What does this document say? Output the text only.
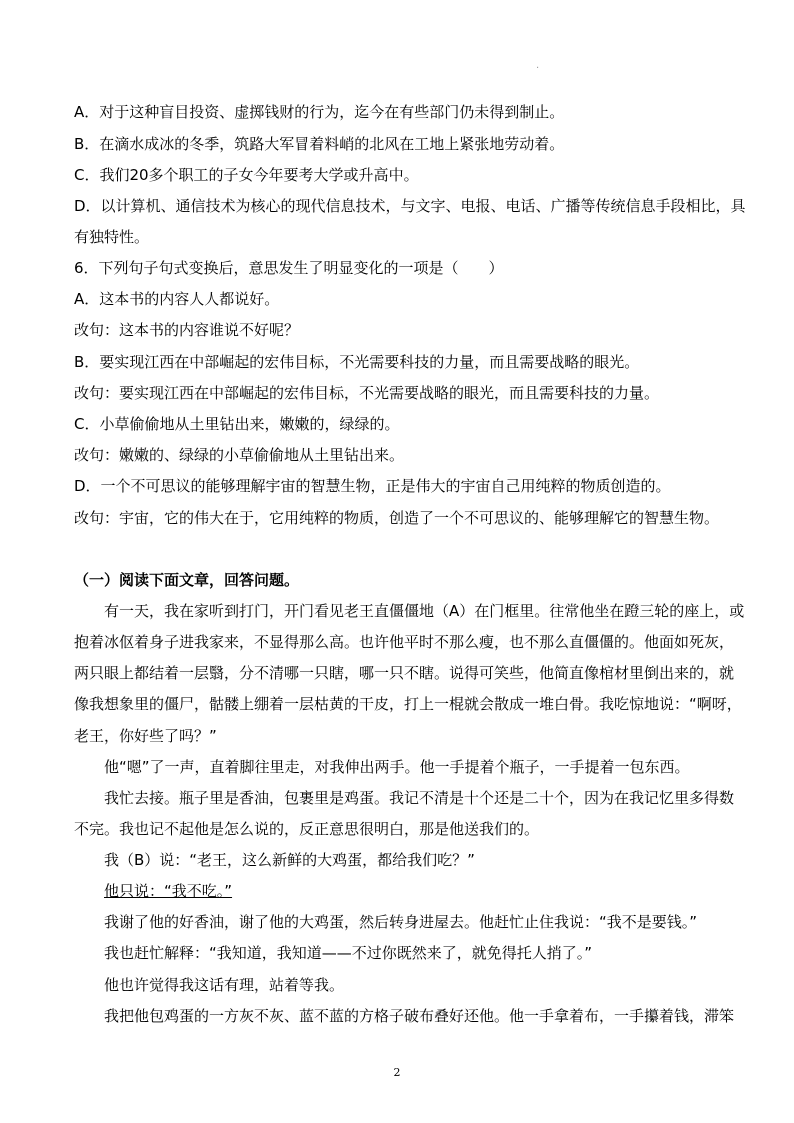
.
A．对于这种盲目投资、虚掷钱财的行为，迄今在有些部门仍未得到制止。
B．在滴水成冰的冬季，筑路大军冒着料峭的北风在工地上紧张地劳动着。
C．我们20多个职工的子女今年要考大学或升高中。
D．以计算机、通信技术为核心的现代信息技术，与文字、电报、电话、广播等传统信息手段相比，具
有独特性。
6．下列句子句式变换后，意思发生了明显变化的一项是（　　）
A．这本书的内容人人都说好。
改句：这本书的内容谁说不好呢？
B．要实现江西在中部崛起的宏伟目标，不光需要科技的力量，而且需要战略的眼光。
改句：要实现江西在中部崛起的宏伟目标，不光需要战略的眼光，而且需要科技的力量。
C．小草偷偷地从土里钻出来，嫩嫩的，绿绿的。
改句：嫩嫩的、绿绿的小草偷偷地从土里钻出来。
D．一个不可思议的能够理解宇宙的智慧生物，正是伟大的宇宙自己用纯粹的物质创造的。
改句：宇宙，它的伟大在于，它用纯粹的物质，创造了一个不可思议的、能够理解它的智慧生物。
（一）阅读下面文章，回答问题。
有一天，我在家听到打门，开门看见老王直僵僵地（A）在门框里。往常他坐在蹬三轮的座上，或
抱着冰伛着身子进我家来，不显得那么高。也许他平时不那么瘦，也不那么直僵僵的。他面如死灰，
两只眼上都结着一层翳，分不清哪一只瞎，哪一只不瞎。说得可笑些，他简直像棺材里倒出来的，就
像我想象里的僵尸，骷髅上绷着一层枯黄的干皮，打上一棍就会散成一堆白骨。我吃惊地说：“啊呀，
老王，你好些了吗？”
他“嗯”了一声，直着脚往里走，对我伸出两手。他一手提着个瓶子，一手提着一包东西。
我忙去接。瓶子里是香油，包裹里是鸡蛋。我记不清是十个还是二十个，因为在我记忆里多得数
不完。我也记不起他是怎么说的，反正意思很明白，那是他送我们的。
我（B）说：“老王，这么新鲜的大鸡蛋，都给我们吃？”
他只说：“我不吃。”
我谢了他的好香油，谢了他的大鸡蛋，然后转身进屋去。他赶忙止住我说：“我不是要钱。”
我也赶忙解释：“我知道，我知道——不过你既然来了，就免得托人捎了。”
他也许觉得我这话有理，站着等我。
我把他包鸡蛋的一方灰不灰、蓝不蓝的方格子破布叠好还他。他一手拿着布，一手攥着钱，滞笨
2
